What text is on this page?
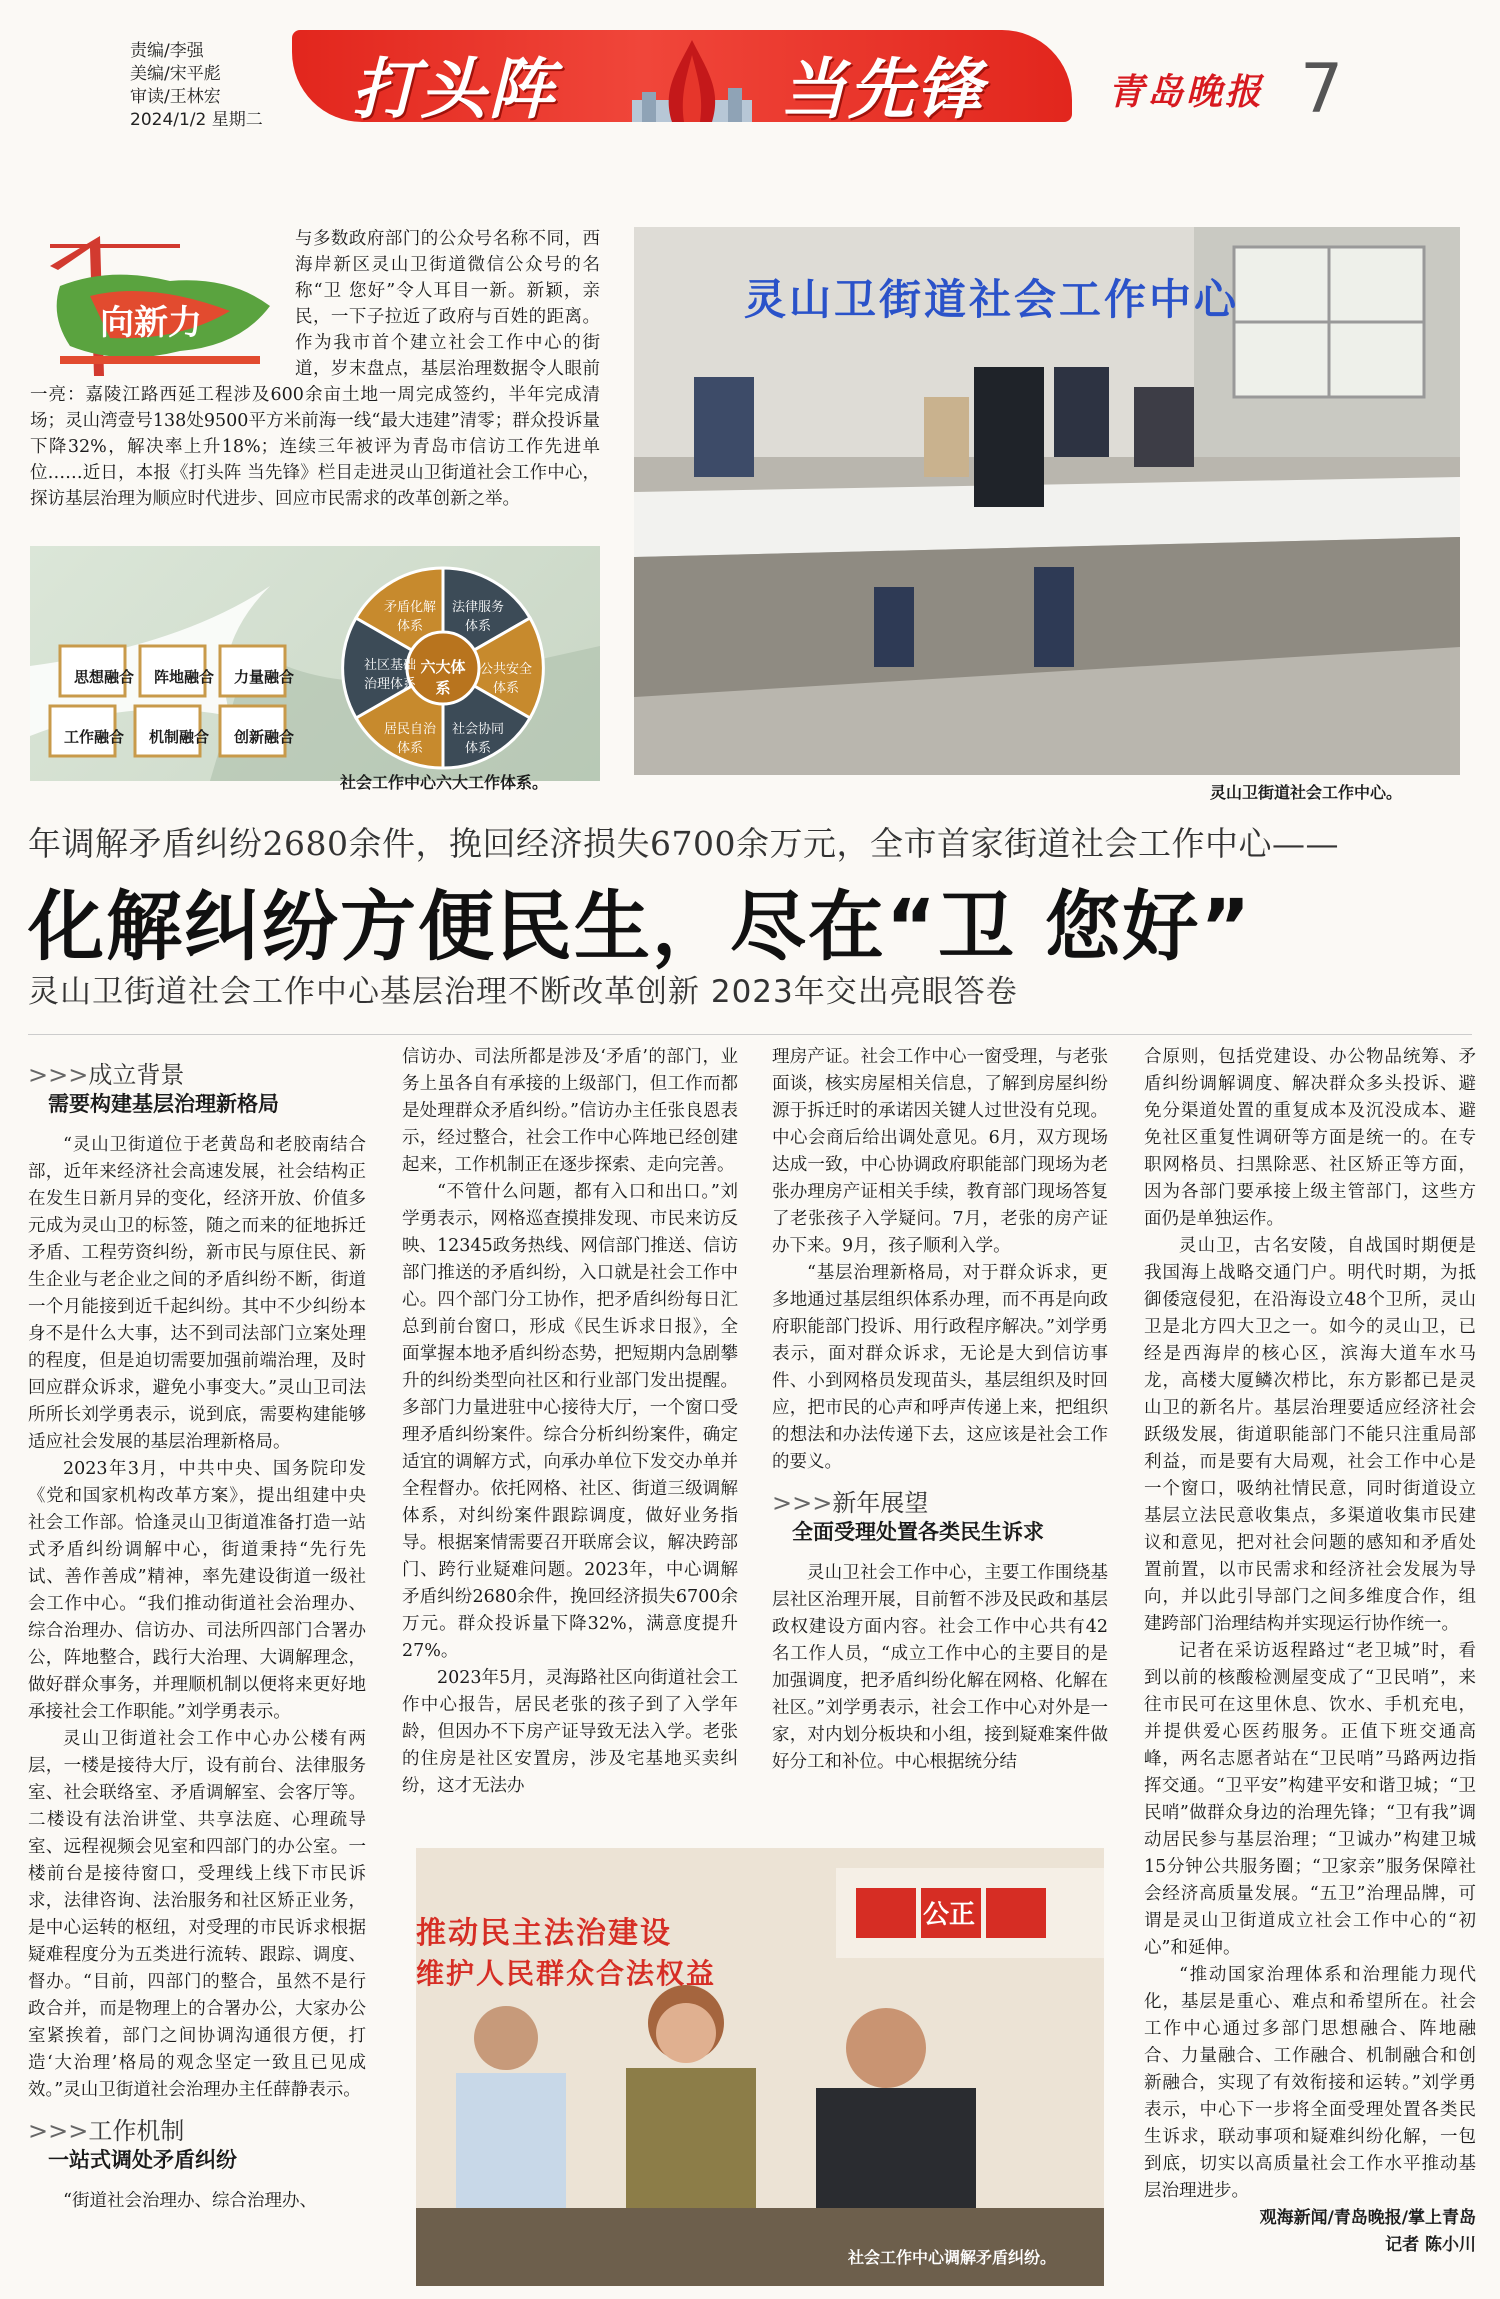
责编/李强
美编/宋平彪
审读/王林宏
2024/1/2 星期二 打头阵	当先锋	青岛晚报 7
向新力
与多数政府部门的公众号名称不同，西海岸新区灵山卫街道微信公众号的名称“卫 您好”令人耳目一新。新颖，亲民，一下子拉近了政府与百姓的距离。作为我市首个建立社会工作中心的街道，岁末盘点，基层治理数据令人眼前一亮：嘉陵江路西延工程涉及600余亩土地一周完成签约，半年完成清场；灵山湾壹号138处9500平方米前海一线“最大违建”清零；群众投诉量下降32%，解决率上升18%；连续三年被评为青岛市信访工作先进单位……近日，本报《打头阵 当先锋》栏目走进灵山卫街道社会工作中心，探访基层治理为顺应时代进步、回应市民需求的改革创新之举。
灵山卫街道社会工作中心
灵山卫街道社会工作中心。
思想融合 阵地融合 力量融合
工作融合 机制融合 创新融合
法律服务体系
公共安全体系
社会协同体系
居民自治体系
社区基础治理体系
矛盾化解体系
六大体系
社会工作中心六大工作体系。
年调解矛盾纠纷2680余件，挽回经济损失6700余万元，全市首家街道社会工作中心——
化解纠纷方便民生，尽在“卫 您好”
灵山卫街道社会工作中心基层治理不断改革创新 2023年交出亮眼答卷
>>>成立背景
需要构建基层治理新格局

“灵山卫街道位于老黄岛和老胶南结合部，近年来经济社会高速发展，社会结构正在发生日新月异的变化，经济开放、价值多元成为灵山卫的标签，随之而来的征地拆迁矛盾、工程劳资纠纷，新市民与原住民、新生企业与老企业之间的矛盾纠纷不断，街道一个月能接到近千起纠纷。其中不少纠纷本身不是什么大事，达不到司法部门立案处理的程度，但是迫切需要加强前端治理，及时回应群众诉求，避免小事变大。”灵山卫司法所所长刘学勇表示，说到底，需要构建能够适应社会发展的基层治理新格局。

2023年3月，中共中央、国务院印发《党和国家机构改革方案》，提出组建中央社会工作部。恰逢灵山卫街道准备打造一站式矛盾纠纷调解中心，街道秉持“先行先试、善作善成”精神，率先建设街道一级社会工作中心。“我们推动街道社会治理办、综合治理办、信访办、司法所四部门合署办公，阵地整合，践行大治理、大调解理念，做好群众事务，并理顺机制以便将来更好地承接社会工作职能。”刘学勇表示。

灵山卫街道社会工作中心办公楼有两层，一楼是接待大厅，设有前台、法律服务室、社会联络室、矛盾调解室、会客厅等。二楼设有法治讲堂、共享法庭、心理疏导室、远程视频会见室和四部门的办公室。一楼前台是接待窗口，受理线上线下市民诉求，法律咨询、法治服务和社区矫正业务，是中心运转的枢纽，对受理的市民诉求根据疑难程度分为五类进行流转、跟踪、调度、督办。“目前，四部门的整合，虽然不是行政合并，而是物理上的合署办公，大家办公室紧挨着，部门之间协调沟通很方便，打造‘大治理’格局的观念坚定一致且已见成效。”灵山卫街道社会治理办主任薛静表示。

>>>工作机制
一站式调处矛盾纠纷

“街道社会治理办、综合治理办、

信访办、司法所都是涉及‘矛盾’的部门，业务上虽各自有承接的上级部门，但工作而都是处理群众矛盾纠纷。”信访办主任张良恩表示，经过整合，社会工作中心阵地已经创建起来，工作机制正在逐步探索、走向完善。

“不管什么问题，都有入口和出口。”刘学勇表示，网格巡查摸排发现、市民来访反映、12345政务热线、网信部门推送、信访部门推送的矛盾纠纷，入口就是社会工作中心。四个部门分工协作，把矛盾纠纷每日汇总到前台窗口，形成《民生诉求日报》，全面掌握本地矛盾纠纷态势，把短期内急剧攀升的纠纷类型向社区和行业部门发出提醒。多部门力量进驻中心接待大厅，一个窗口受理矛盾纠纷案件。综合分析纠纷案件，确定适宜的调解方式，向承办单位下发交办单并全程督办。依托网格、社区、街道三级调解体系，对纠纷案件跟踪调度，做好业务指导。根据案情需要召开联席会议，解决跨部门、跨行业疑难问题。2023年，中心调解矛盾纠纷2680余件，挽回经济损失6700余万元。群众投诉量下降32%，满意度提升27%。

2023年5月，灵海路社区向街道社会工作中心报告，居民老张的孩子到了入学年龄，但因办不下房产证导致无法入学。老张的住房是社区安置房，涉及宅基地买卖纠纷，这才无法办

理房产证。社会工作中心一窗受理，与老张面谈，核实房屋相关信息，了解到房屋纠纷源于拆迁时的承诺因关键人过世没有兑现。中心会商后给出调处意见。6月，双方现场达成一致，中心协调政府职能部门现场为老张办理房产证相关手续，教育部门现场答复了老张孩子入学疑问。7月，老张的房产证办下来。9月，孩子顺利入学。

“基层治理新格局，对于群众诉求，更多地通过基层组织体系办理，而不再是向政府职能部门投诉、用行政程序解决。”刘学勇表示，面对群众诉求，无论是大到信访事件、小到网格员发现苗头，基层组织及时回应，把市民的心声和呼声传递上来，把组织的想法和办法传递下去，这应该是社会工作的要义。

>>>新年展望
全面受理处置各类民生诉求

灵山卫社会工作中心，主要工作围绕基层社区治理开展，目前暂不涉及民政和基层政权建设方面内容。社会工作中心共有42名工作人员，“成立工作中心的主要目的是加强调度，把矛盾纠纷化解在网格、化解在社区。”刘学勇表示，社会工作中心对外是一家，对内划分板块和小组，接到疑难案件做好分工和补位。中心根据统分结

合原则，包括党建设、办公物品统筹、矛盾纠纷调解调度、解决群众多头投诉、避免分渠道处置的重复成本及沉没成本、避免社区重复性调研等方面是统一的。在专职网格员、扫黑除恶、社区矫正等方面，因为各部门要承接上级主管部门，这些方面仍是单独运作。

灵山卫，古名安陵，自战国时期便是我国海上战略交通门户。明代时期，为抵御倭寇侵犯，在沿海设立48个卫所，灵山卫是北方四大卫之一。如今的灵山卫，已经是西海岸的核心区，滨海大道车水马龙，高楼大厦鳞次栉比，东方影都已是灵山卫的新名片。基层治理要适应经济社会跃级发展，街道职能部门不能只注重局部利益，而是要有大局观，社会工作中心是一个窗口，吸纳社情民意，同时街道设立基层立法民意收集点，多渠道收集市民建议和意见，把对社会问题的感知和矛盾处置前置，以市民需求和经济社会发展为导向，并以此引导部门之间多维度合作，组建跨部门治理结构并实现运行协作统一。

记者在采访返程路过“老卫城”时，看到以前的核酸检测屋变成了“卫民哨”，来往市民可在这里休息、饮水、手机充电，并提供爱心医药服务。正值下班交通高峰，两名志愿者站在“卫民哨”马路两边指挥交通。“卫平安”构建平安和谐卫城；“卫民哨”做群众身边的治理先锋；“卫有我”调动居民参与基层治理；“卫诚办”构建卫城15分钟公共服务圈；“卫家亲”服务保障社会经济高质量发展。“五卫”治理品牌，可谓是灵山卫街道成立社会工作中心的“初心”和延伸。

“推动国家治理体系和治理能力现代化，基层是重心、难点和希望所在。社会工作中心通过多部门思想融合、阵地融合、力量融合、工作融合、机制融合和创新融合，实现了有效衔接和运转。”刘学勇表示，中心下一步将全面受理处置各类民生诉求，联动事项和疑难纠纷化解，一包到底，切实以高质量社会工作水平推动基层治理进步。

观海新闻/青岛晚报/掌上青岛
记者 陈小川
推动民主法治建设
维护人民群众合法权益
公正
社会工作中心调解矛盾纠纷。
